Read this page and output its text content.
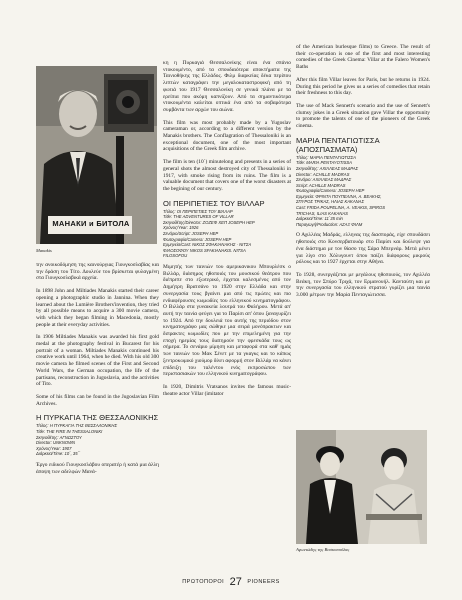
МАНАКИ и БИТОЛА
Manakis

την ανοικοδόμηση της καινούργιας Γιουγκοσλαβίας και την δράση του Τίτο. Δουλεύε του βρίσκεται φυλαγμένη στα Γιουγκοσλαβικά αρχεία.

In 1898 John and Miltiades Manakis started their career opening a photographic studio in Jannina. When they learned about the Lumière Brothers'invention, they tried by all possible means to acquire a 300 movie camera, with which they began filming in Macedonia, mostly people at their everyday activities.

In 1906 Miltiades Manakis was awarded his first gold medal at the photography festival in Bucarest for his portrait of a woman. Miltiades Manakis continued his creative work until 1964, when he died. With his old 300 movie camera he filmed scenes of the First and Second World Wars, the German occupation, the life of the partisans, reconstruction in Jugoslavia, and the activities of Tito.

Some of his films can be found in the Jugoslavian Film Archives.

Η ΠΥΡΚΑΓΙΑ ΤΗΣ ΘΕΣΣΑΛΟΝΙΚΗΣ
Τίτλος: Η ΠΥΡΚΑΓΙΑ ΤΗΣ ΘΕΣΣΑΛΟΝΙΚΗΣ
Title: THE FIRE IN THESSALONIKI
Σκηνοθέτης: ΑΓΝΩΣΤΟΥ
Director: UNKNOWN
Χρόνος/Year: 1907
Διάρκεια/Time: 10΄, 35΄΄

Έργο ειδικού Γιουγκοσλάβου οπερατέρ ή κατά μια άλλη άποψη των αδελφών Μανά-

κη η Πυρκαγιά Θεσσαλονίκης είναι ένα σπάνιο ντοκουμέντο, από τα σπουδαιότερα αποκτήματα της Ταινιοθήκης της Ελλάδος. Φιλμ διαρκείας δέκα περίπου λεπτών καταγράφει την μεγαλοκαταστροφική από τη φωτιά του 1917 Θεσσαλονίκη σε γενικά πλάνα με τα ερείπια που ακόμη καπνίζουν. Από τα σημαντικότερα ντοκουμέντα καλείται οπτικά ένα από τα σοβαρότερα συμβάντα των αρχών του αιώνα.

This film was most probably made by a Yugoslav cameraman or, according to a different version by the Manakis brothers. The Conflagration of Thessaloniki is an exceptional document, one of the most important acquisitions of the Greek film archive.

The film is ten (10΄) minutelong and presents in a series of general shots the almost destroyed city of Thessaloniki in 1917, with smoke rising from its ruins. The film is a valuable document that covers one of the worst disasters at the begining of our century.

ΟΙ ΠΕΡΙΠΕΤΙΕΣ ΤΟΥ ΒΙΛΛΑΡ
Τίτλος: ΟΙ ΠΕΡΙΠΕΤΙΕΣ ΤΟΥ ΒΙΛΛΑΡ
Title: THE ADVENTURES OF VILLAR
Σκηνοθέτης/Director: ΖΟΖΕΦ ΧΕΠ JOSEPH HEP
Χρόνος/Year: 1926
Σενάριο/Script: JOSEPH HEP
Φωτογραφία/Camera: JOSEPH HEP
Ερμηνεία/Cast: ΝΙΚΟΣ ΣΦΑΚΙΑΝΑΚΗΣ · ΝΙΤΣΑ
ΦΙΛΟΣΟΦΟΥ NIKOS SFAKIANAKIS. NITSA
FILOSOFOU

Μιμητής των ταινιών του αμερικανικου Μπουρλέσκ ο Βιλλάρ, διάσημος ηθοποιός του μουσικού θεάτρου που διέπρεπε στο εξωτερικό, έρχεται καλεσμένος από τον Δημήτρη Βρατσάνο το 1920 στην Ελλάδα και στην συνεργασία τους βγαίνει μια από τις πρώτες και πιο ενδιαφέρουσες κωμωδίες του ελληνικού κινηματογράφου. Ο Βιλλάρ στα γυναικεία λουτρά του Φαλήρου. Μετά απ' αυτή την ταινία φεύγει για το Παρίσι απ' όπου ξαναγυρίζει το 1924. Από την δουλειά του αυτής της περιόδου στον κινηματογράφο μας σώθηκε μια σειρά μονόπρακτων και διπρακτες κωμωδίες που με την επιμελημένη για την εποχή ηρεμίας τους διατηρούν την φρεσκάδα τους ως σήμερα. Το σενάριο μίμηση και μεταφορά στα καθ' ημάς των ταινιών του Μακ Σένετ με τα γκαγκς και το κάπως ξεντροκωμικό χιούμορ δίνει αφορμή στον Βιλλάρ να κάνει επίδειξη του ταλέντου ενός εκπροσώπου των περιστασιακών του ελληνικού κινηματογράφου.

In 1920, Dimitris Vratsanos invites the famous music-theatre actor Villar (imitator

of the American burlesque films) to Greece. The result of their co-operation is one of the first and most interesting comedies of the Greek Cinema: Villar at the Falero Women's Baths

After this film Villar leaves for Paris, but he returns in 1924. During this period he gives us a series of comedies that retain their freshness to this day.

The use of Mack Sennett's scenario and the use of Sennett's clumsy jokes in a Greek situation gave Villar the opportunity to promote the talents of one of the pioneers of the Greek cinema.

ΜΑΡΙΑ ΠΕΝΤΑΓΙΩΤΙΣΣΑ (ΑΠΟΣΠΑΣΜΑΤΑ)
Τίτλος: ΜΑΡΙΑ ΠΕΝΤΑΓΙΩΤΙΣΣΑ
Title: MARIA PENTAYOTISSA
Σκηνοθέτης: ΑΧΙΛΛΕΑΣ ΜΑΔΡΑΣ
Director: ACHILLE MADRAS
Σενάριο: ΑΧΙΛΛΕΑΣ ΜΑΔΡΑΣ
Script: ACHILLE MADRAS
Φωτογραφία/Camera: JOSEPH HEP
Ερμηνεία: ΦΡΙΝΤΑ ΠΟΥΠΕΛΙΝΑ, Α. ΒΕΑΚΗΣ,
ΣΠΥΡΟΣ ΤΡΙΚΑΣ, ΗΛΙΑΣ ΚΑΚΑΝΑΣ
Cast: FRIDA POUPELINA, A. VEAKIS, SPIROS
TRICHAS, ILIAS KAKANAS
Διάρκεια/Time: 11΄35 min
Παραγωγή/Production: AZAΞ ΦΙΛΜ

Ο Αχιλλέας Μαδράς, ελληνας της διασποράς, είχε σπουδάσει ηθοποιός στο Κονσερβατουάρ στο Παρίσι και δούλεψε για ένα διάστημα με τον θίασο της Σάρα Μπερνάρ. Μετά μένει για λίγο στο Χόλυγουντ όπου παίζει διάφορους μικρούς ρόλους και το 1927 έρχεται στην Αθήνα.

Το 1928, συνεργάζεται με μεγάλους ηθοποιούς, τον Αχιλλέα Βεάκη, τον Σπύρο Τριχά, τον Ερμανουήλ. Κανταύτη και με την συνεργασία του ελληνικού στρατού γυρίζει μια ταινία 3.000 μέτρων την Μαρία Πενταγιώτισσα.

Αγωνιώδης της Βοσκοπούλας
ΠΡΩΤΟΠΟΡΟΙ 27 PIONEERS
